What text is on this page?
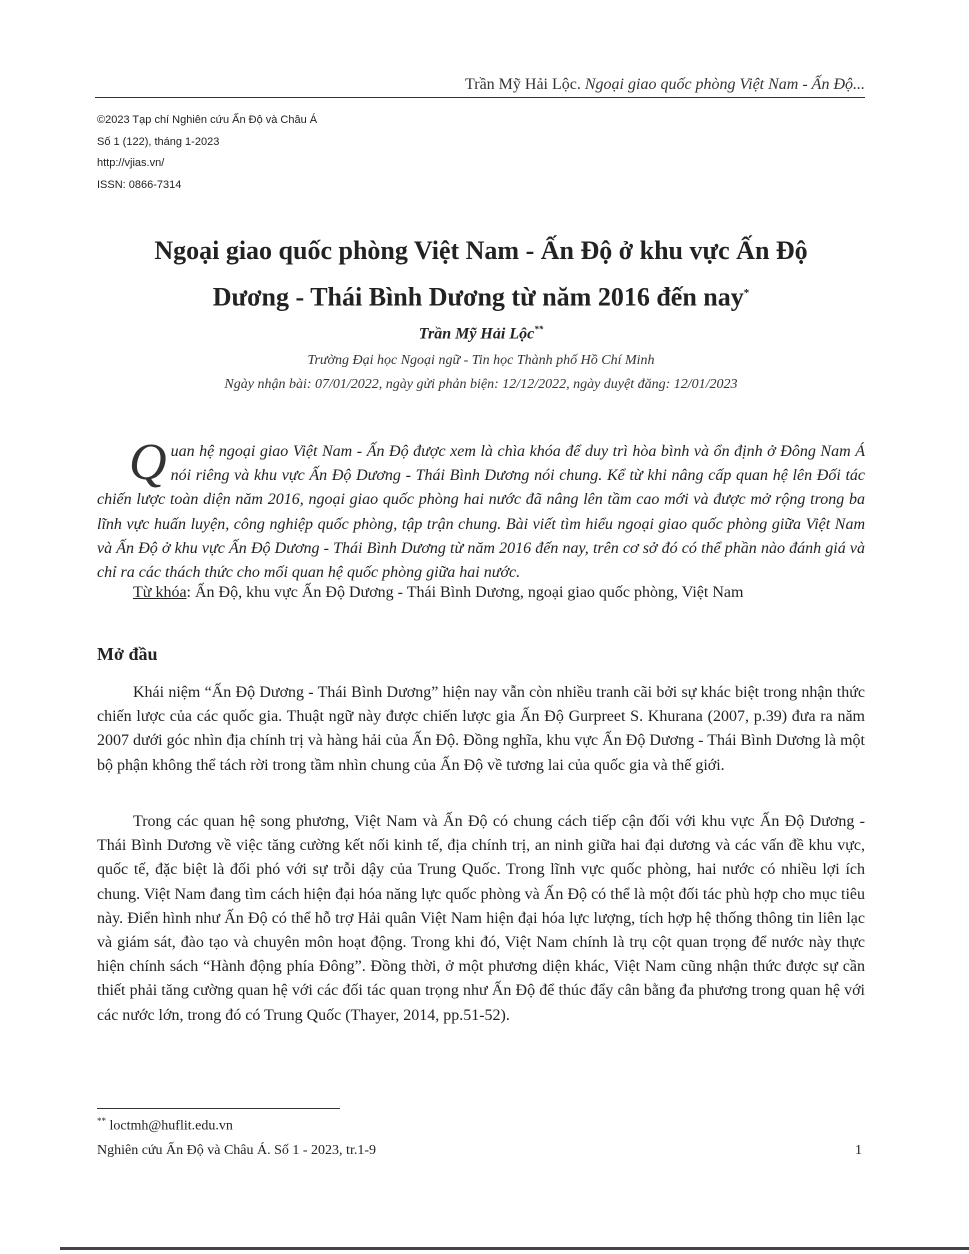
Trần Mỹ Hải Lộc. Ngoại giao quốc phòng Việt Nam - Ấn Độ...
©2023 Tạp chí Nghiên cứu Ấn Độ và Châu Á
Số 1 (122), tháng 1-2023
http://vjias.vn/
ISSN: 0866-7314
Ngoại giao quốc phòng Việt Nam - Ấn Độ ở khu vực Ấn Độ
Dương - Thái Bình Dương từ năm 2016 đến nay*
Trần Mỹ Hải Lộc**
Trường Đại học Ngoại ngữ - Tin học Thành phố Hồ Chí Minh
Ngày nhận bài: 07/01/2022, ngày gửi phản biện: 12/12/2022, ngày duyệt đăng: 12/01/2023
Quan hệ ngoại giao Việt Nam - Ấn Độ được xem là chìa khóa để duy trì hòa bình và ổn định ở Đông Nam Á nói riêng và khu vực Ấn Độ Dương - Thái Bình Dương nói chung. Kể từ khi nâng cấp quan hệ lên Đối tác chiến lược toàn diện năm 2016, ngoại giao quốc phòng hai nước đã nâng lên tầm cao mới và được mở rộng trong ba lĩnh vực huấn luyện, công nghiệp quốc phòng, tập trận chung. Bài viết tìm hiểu ngoại giao quốc phòng giữa Việt Nam và Ấn Độ ở khu vực Ấn Độ Dương - Thái Bình Dương từ năm 2016 đến nay, trên cơ sở đó có thể phần nào đánh giá và chỉ ra các thách thức cho mối quan hệ quốc phòng giữa hai nước.
Từ khóa: Ấn Độ, khu vực Ấn Độ Dương - Thái Bình Dương, ngoại giao quốc phòng, Việt Nam
Mở đầu
Khái niệm “Ấn Độ Dương - Thái Bình Dương” hiện nay vẫn còn nhiều tranh cãi bởi sự khác biệt trong nhận thức chiến lược của các quốc gia. Thuật ngữ này được chiến lược gia Ấn Độ Gurpreet S. Khurana (2007, p.39) đưa ra năm 2007 dưới góc nhìn địa chính trị và hàng hải của Ấn Độ. Đồng nghĩa, khu vực Ấn Độ Dương - Thái Bình Dương là một bộ phận không thể tách rời trong tầm nhìn chung của Ấn Độ về tương lai của quốc gia và thế giới.
Trong các quan hệ song phương, Việt Nam và Ấn Độ có chung cách tiếp cận đối với khu vực Ấn Độ Dương - Thái Bình Dương về việc tăng cường kết nối kinh tế, địa chính trị, an ninh giữa hai đại dương và các vấn đề khu vực, quốc tế, đặc biệt là đối phó với sự trỗi dậy của Trung Quốc. Trong lĩnh vực quốc phòng, hai nước có nhiều lợi ích chung. Việt Nam đang tìm cách hiện đại hóa năng lực quốc phòng và Ấn Độ có thể là một đối tác phù hợp cho mục tiêu này. Điển hình như Ấn Độ có thể hỗ trợ Hải quân Việt Nam hiện đại hóa lực lượng, tích hợp hệ thống thông tin liên lạc và giám sát, đào tạo và chuyên môn hoạt động. Trong khi đó, Việt Nam chính là trụ cột quan trọng để nước này thực hiện chính sách “Hành động phía Đông”. Đồng thời, ở một phương diện khác, Việt Nam cũng nhận thức được sự cần thiết phải tăng cường quan hệ với các đối tác quan trọng như Ấn Độ để thúc đẩy cân bằng đa phương trong quan hệ với các nước lớn, trong đó có Trung Quốc (Thayer, 2014, pp.51-52).
** loctmh@huflit.edu.vn
Nghiên cứu Ấn Độ và Châu Á. Số 1 - 2023, tr.1-9	1
